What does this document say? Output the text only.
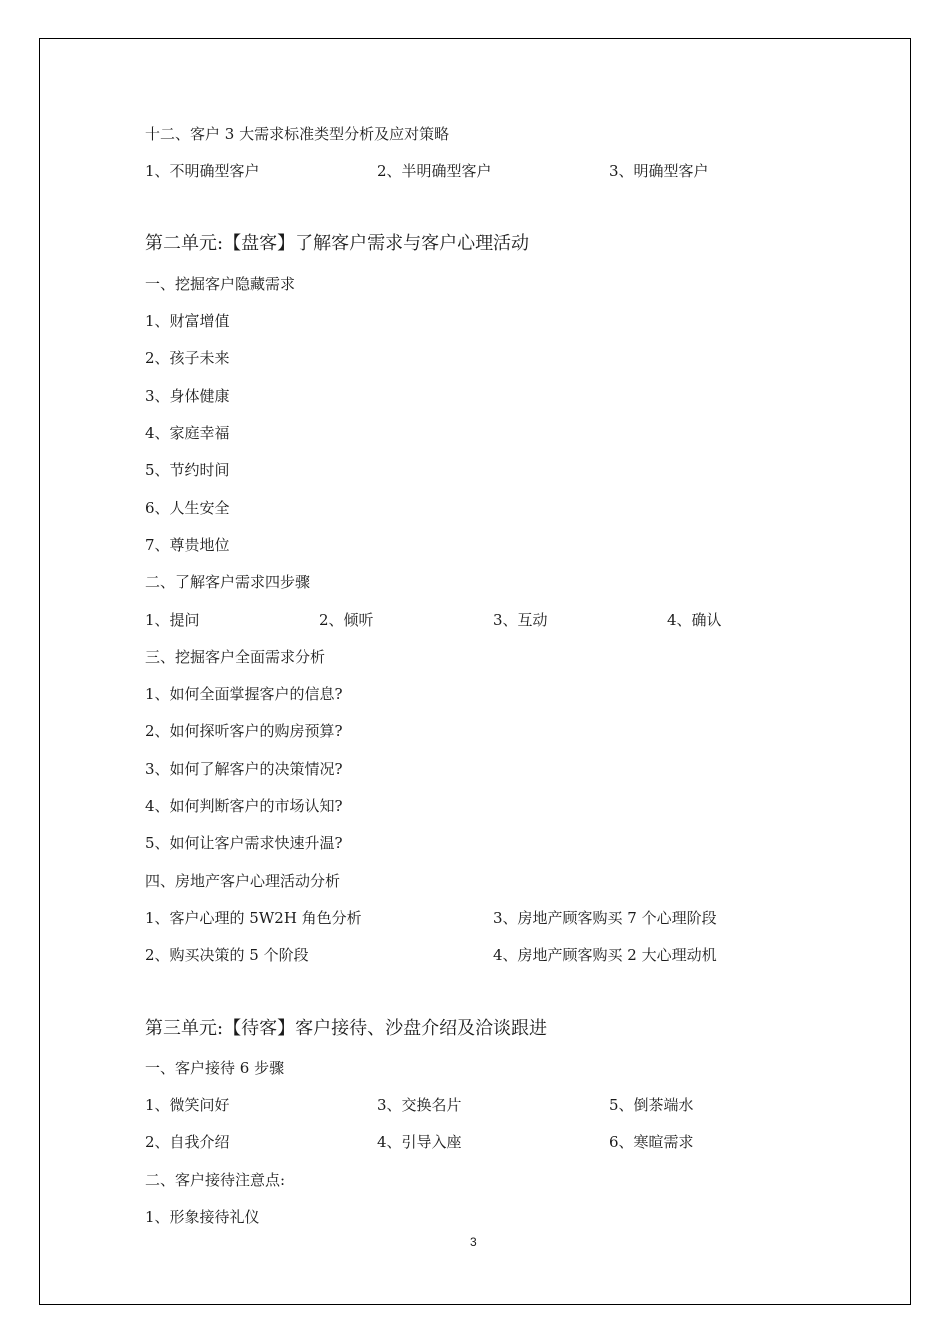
十二、客户 3 大需求标准类型分析及应对策略

1、不明确型客户	2、半明确型客户	3、明确型客户

第二单元:【盘客】了解客户需求与客户心理活动

一、挖掘客户隐藏需求

1、财富增值

2、孩子未来

3、身体健康

4、家庭幸福

5、节约时间

6、人生安全

7、尊贵地位

二、了解客户需求四步骤

1、提问	2、倾听	3、互动	4、确认

三、挖掘客户全面需求分析

1、如何全面掌握客户的信息?

2、如何探听客户的购房预算?

3、如何了解客户的决策情况?

4、如何判断客户的市场认知?

5、如何让客户需求快速升温?

四、房地产客户心理活动分析

1、客户心理的 5W2H 角色分析	3、房地产顾客购买 7 个心理阶段
2、购买决策的 5 个阶段	4、房地产顾客购买 2 大心理动机

第三单元:【待客】客户接待、沙盘介绍及洽谈跟进

一、客户接待 6 步骤

1、微笑问好	3、交换名片	5、倒茶端水
2、自我介绍	4、引导入座	6、寒暄需求

二、客户接待注意点:

1、形象接待礼仪

3
